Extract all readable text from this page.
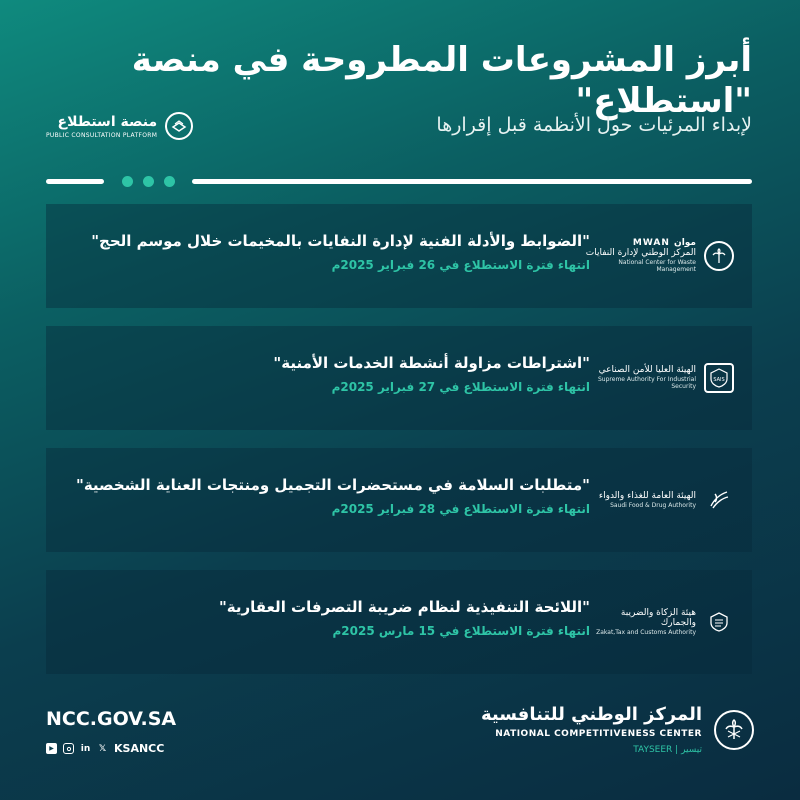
أبرز المشروعات المطروحة في منصة "استطلاع"
منصة استطلاع
PUBLIC CONSULTATION PLATFORM	لإبداء المرئيات حول الأنظمة قبل إقرارها
MWAN موان
المركز الوطني لإدارة النفايات
National Center for Waste Management
"الضوابط والأدلة الفنية لإدارة النفايات بالمخيمات خلال موسم الحج"
انتهاء فترة الاستطلاع في 26 فبراير 2025م
الهيئة العليا للأمن الصناعي
Supreme Authority For Industrial Security
SAIS
"اشتراطات مزاولة أنشطة الخدمات الأمنية"
انتهاء فترة الاستطلاع في 27 فبراير 2025م
الهيئة العامة للغذاء والدواء
Saudi Food & Drug Authority
"متطلبات السلامة في مستحضرات التجميل ومنتجات العناية الشخصية"
انتهاء فترة الاستطلاع في 28 فبراير 2025م
هيئة الزكاة والضريبة والجمارك
Zakat,Tax and Customs Authority
"اللائحة التنفيذية لنظام ضريبة التصرفات العقارية"
انتهاء فترة الاستطلاع في 15 مارس 2025م
NCC.GOV.SA
▶	in 𝕏 KSANCC
المركز الوطني للتنافسية
NATIONAL COMPETITIVENESS CENTER
تيسير | TAYSEER
